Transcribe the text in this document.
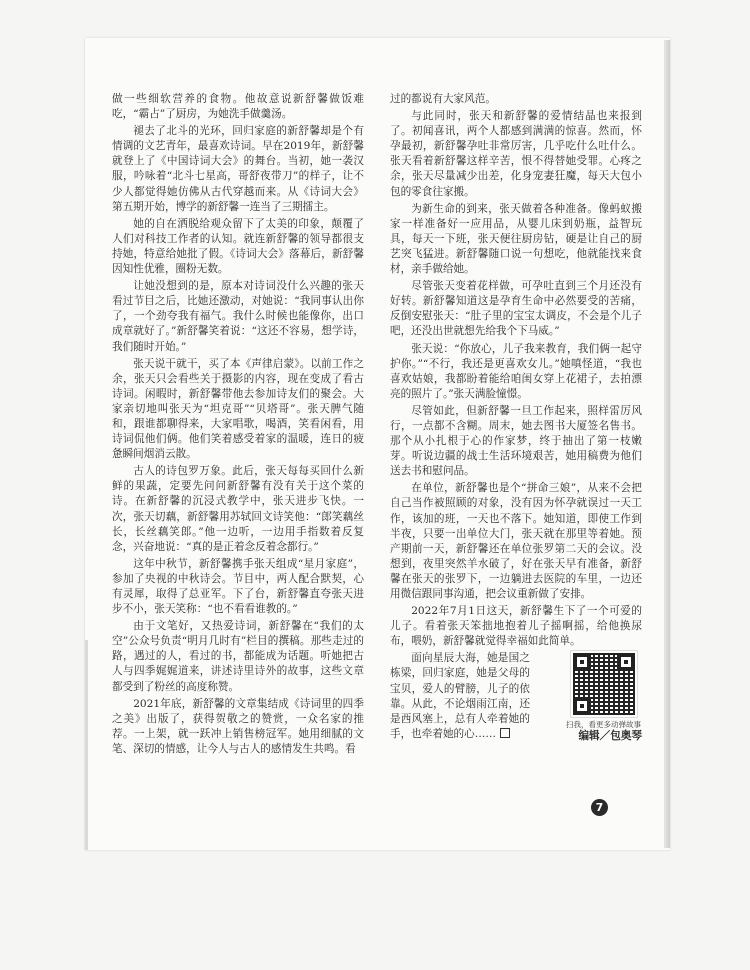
做一些细软营养的食物。他故意说新舒馨做饭难吃，“霸占”了厨房，为她洗手做羹汤。

褪去了北斗的光环，回归家庭的新舒馨却是个有情调的文艺青年，最喜欢诗词。早在2019年，新舒馨就登上了《中国诗词大会》的舞台。当初，她一袭汉服，吟咏着“北斗七星高，哥舒夜带刀”的样子，让不少人都觉得她仿佛从古代穿越而来。从《诗词大会》第五期开始，博学的新舒馨一连当了三期擂主。

她的自在洒脱给观众留下了太美的印象，颠覆了人们对科技工作者的认知。就连新舒馨的领导都很支持她，特意给她批了假。《诗词大会》落幕后，新舒馨因知性优雅，圈粉无数。

让她没想到的是，原本对诗词没什么兴趣的张天看过节目之后，比她还激动，对她说：“我同事认出你了，一个劲夸我有福气。我什么时候也能像你，出口成章就好了。”新舒馨笑着说：“这还不容易，想学诗，我们随时开始。”

张天说干就干，买了本《声律启蒙》。以前工作之余，张天只会看些关于摄影的内容，现在变成了看古诗词。闲暇时，新舒馨带他去参加诗友们的聚会。大家亲切地叫张天为“坦克哥”“贝塔哥”。张天脾气随和，跟谁都聊得来，大家唱歌，喝酒，笑看闲看，用诗词侃他们俩。他们笑着感受着家的温暖，连日的疲惫瞬间烟消云散。

古人的诗包罗万象。此后，张天每每买回什么新鲜的果蔬，定要先问问新舒馨有没有关于这个菜的诗。在新舒馨的沉浸式教学中，张天进步飞快。一次，张天切藕，新舒馨用苏轼回文诗笑他：“郎笑藕丝长，长丝藕笑郎。”他一边听，一边用手指数着反复念，兴奋地说：“真的是正着念反着念都行。”

这年中秋节，新舒馨携手张天组成“星月家庭”，参加了央视的中秋诗会。节目中，两人配合默契，心有灵犀，取得了总亚军。下了台，新舒馨直夸张天进步不小，张天笑称：“也不看看谁教的。”

由于文笔好，又热爱诗词，新舒馨在“我们的太空”公众号负责“明月几时有”栏目的撰稿。那些走过的路，遇过的人，看过的书，都能成为话题。听她把古人与四季娓娓道来，讲述诗里诗外的故事，这些文章都受到了粉丝的高度称赞。

2021年底，新舒馨的文章集结成《诗词里的四季之美》出版了，获得贺敬之的赞赏，一众名家的推荐。一上架，就一跃冲上销售榜冠军。她用细腻的文笔、深切的情感，让今人与古人的感情发生共鸣。看

过的都说有大家风范。

与此同时，张天和新舒馨的爱情结晶也来报到了。初闻喜讯，两个人都感到满满的惊喜。然而，怀孕最初，新舒馨孕吐非常厉害，几乎吃什么吐什么。张天看着新舒馨这样辛苦，恨不得替她受罪。心疼之余，张天尽量减少出差，化身宠妻狂魔，每天大包小包的零食往家搬。

为新生命的到来，张天做着各种准备。像蚂蚁搬家一样准备好一应用品，从婴儿床到奶瓶，益智玩具，每天一下班，张天便往厨房钻，硬是让自己的厨艺突飞猛进。新舒馨随口说一句想吃，他就能找来食材，亲手做给她。

尽管张天变着花样做，可孕吐直到三个月还没有好转。新舒馨知道这是孕育生命中必然要受的苦痛，反倒安慰张天：“肚子里的宝宝太调皮，不会是个儿子吧，还没出世就想先给我个下马威。”

张天说：“你放心，儿子我来教育，我们俩一起守护你。”“不行，我还是更喜欢女儿。”她嗔怪道，“我也喜欢姑娘，我都盼着能给咱闺女穿上花裙子，去拍漂亮的照片了。”张天满脸憧憬。

尽管如此，但新舒馨一旦工作起来，照样雷厉风行，一点都不含糊。周末，她去图书大厦签名售书。那个从小扎根于心的作家梦，终于抽出了第一枝嫩芽。听说边疆的战士生活环境艰苦，她用稿费为他们送去书和慰问品。

在单位，新舒馨也是个“拼命三娘”，从来不会把自己当作被照顾的对象，没有因为怀孕就误过一天工作，该加的班，一天也不落下。她知道，即使工作到半夜，只要一出单位大门，张天就在那里等着她。预产期前一天，新舒馨还在单位张罗第二天的会议。没想到，夜里突然羊水破了，好在张天早有准备，新舒馨在张天的张罗下，一边躺进去医院的车里，一边还用微信跟同事沟通，把会议重新做了安排。

2022年7月1日这天，新舒馨生下了一个可爱的儿子。看着张天笨拙地抱着儿子摇啊摇，给他换尿布，喂奶，新舒馨就觉得幸福如此简单。

面向星辰大海，她是国之栋梁，回归家庭，她是父母的宝贝，爱人的臂膀，儿子的依靠。从此，不论烟雨江南，还是西风塞上，总有人牵着她的手，也牵着她的心……	编辑／包奥琴

扫我，看更多动弹故事
7
